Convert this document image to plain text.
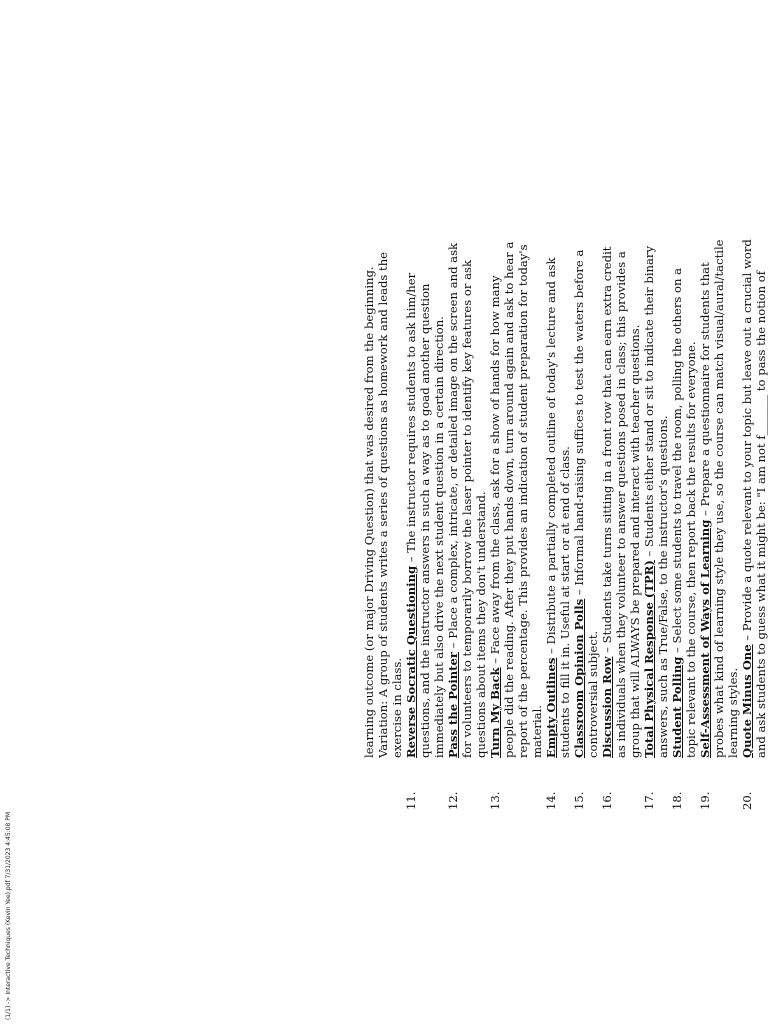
(1/1) -> Interactive Techniques (Kevin Yee).pdf 7/31/2023 4:45:08 PM

learning outcome (or major Driving Question) that was desired from the beginning. Variation: A group of students writes a series of questions as homework and leads the exercise in class.

11.
Reverse Socratic Questioning – The instructor requires students to ask him/her questions, and the instructor answers in such a way as to goad another question immediately but also drive the next student question in a certain direction.
12.
Pass the Pointer – Place a complex, intricate, or detailed image on the screen and ask for volunteers to temporarily borrow the laser pointer to identify key features or ask questions about items they don't understand.
13.
Turn My Back – Face away from the class, ask for a show of hands for how many people did the reading. After they put hands down, turn around again and ask to hear a report of the percentage. This provides an indication of student preparation for today's material.
14.
Empty Outlines – Distribute a partially completed outline of today's lecture and ask students to fill it in. Useful at start or at end of class.
15.
Classroom Opinion Polls – Informal hand-raising suffices to test the waters before a controversial subject.
16.
Discussion Row – Students take turns sitting in a front row that can earn extra credit as individuals when they volunteer to answer questions posed in class; this provides a group that will ALWAYS be prepared and interact with teacher questions.
17.
Total Physical Response (TPR) – Students either stand or sit to indicate their binary answers, such as True/False, to the instructor's questions.
18.
Student Polling – Select some students to travel the room, polling the others on a topic relevant to the course, then report back the results for everyone.
19.
Self-Assessment of Ways of Learning – Prepare a questionnaire for students that probes what kind of learning style they use, so the course can match visual/aural/tactile learning styles.
20.
Quote Minus One – Provide a quote relevant to your topic but leave out a crucial word and ask students to guess what it might be: "I am not f_______ to pass the notion of
